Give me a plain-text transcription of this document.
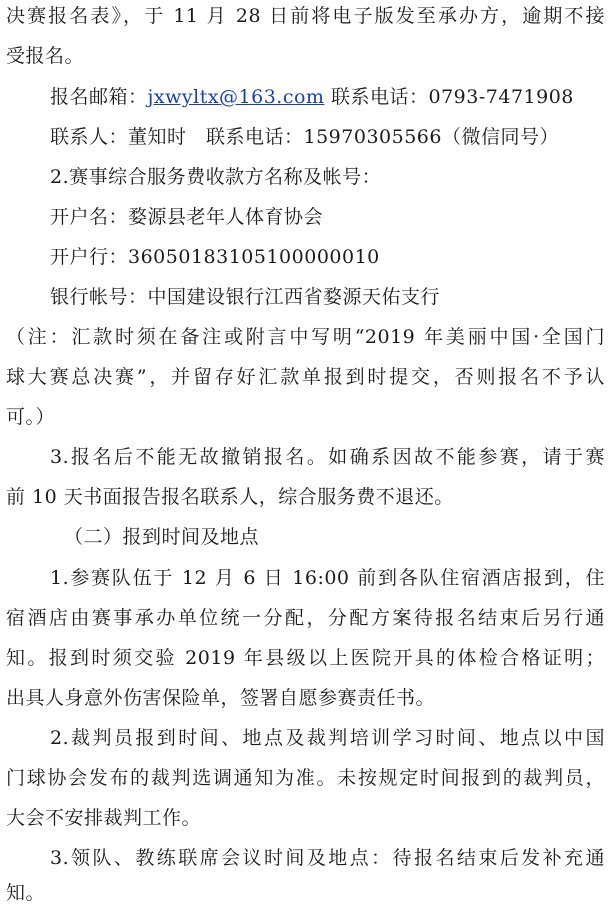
决赛报名表》，于 11 月 28 日前将电子版发至承办方，逾期不接
受报名。
报名邮箱：jxwyltx@163.com 联系电话：0793-7471908
联系人：董知时　联系电话：15970305566（微信同号）
2.赛事综合服务费收款方名称及帐号：
开户名：婺源县老年人体育协会
开户行：36050183105100000010
银行帐号：中国建设银行江西省婺源天佑支行
（注：汇款时须在备注或附言中写明“2019 年美丽中国·全国门
球大赛总决赛”，并留存好汇款单报到时提交，否则报名不予认
可。）
3.报名后不能无故撤销报名。如确系因故不能参赛，请于赛
前 10 天书面报告报名联系人，综合服务费不退还。
（二）报到时间及地点
1.参赛队伍于 12 月 6 日 16:00 前到各队住宿酒店报到，住
宿酒店由赛事承办单位统一分配，分配方案待报名结束后另行通
知。报到时须交验 2019 年县级以上医院开具的体检合格证明；
出具人身意外伤害保险单，签署自愿参赛责任书。
2.裁判员报到时间、地点及裁判培训学习时间、地点以中国
门球协会发布的裁判选调通知为准。未按规定时间报到的裁判员，
大会不安排裁判工作。
3.领队、教练联席会议时间及地点：待报名结束后发补充通
知。
